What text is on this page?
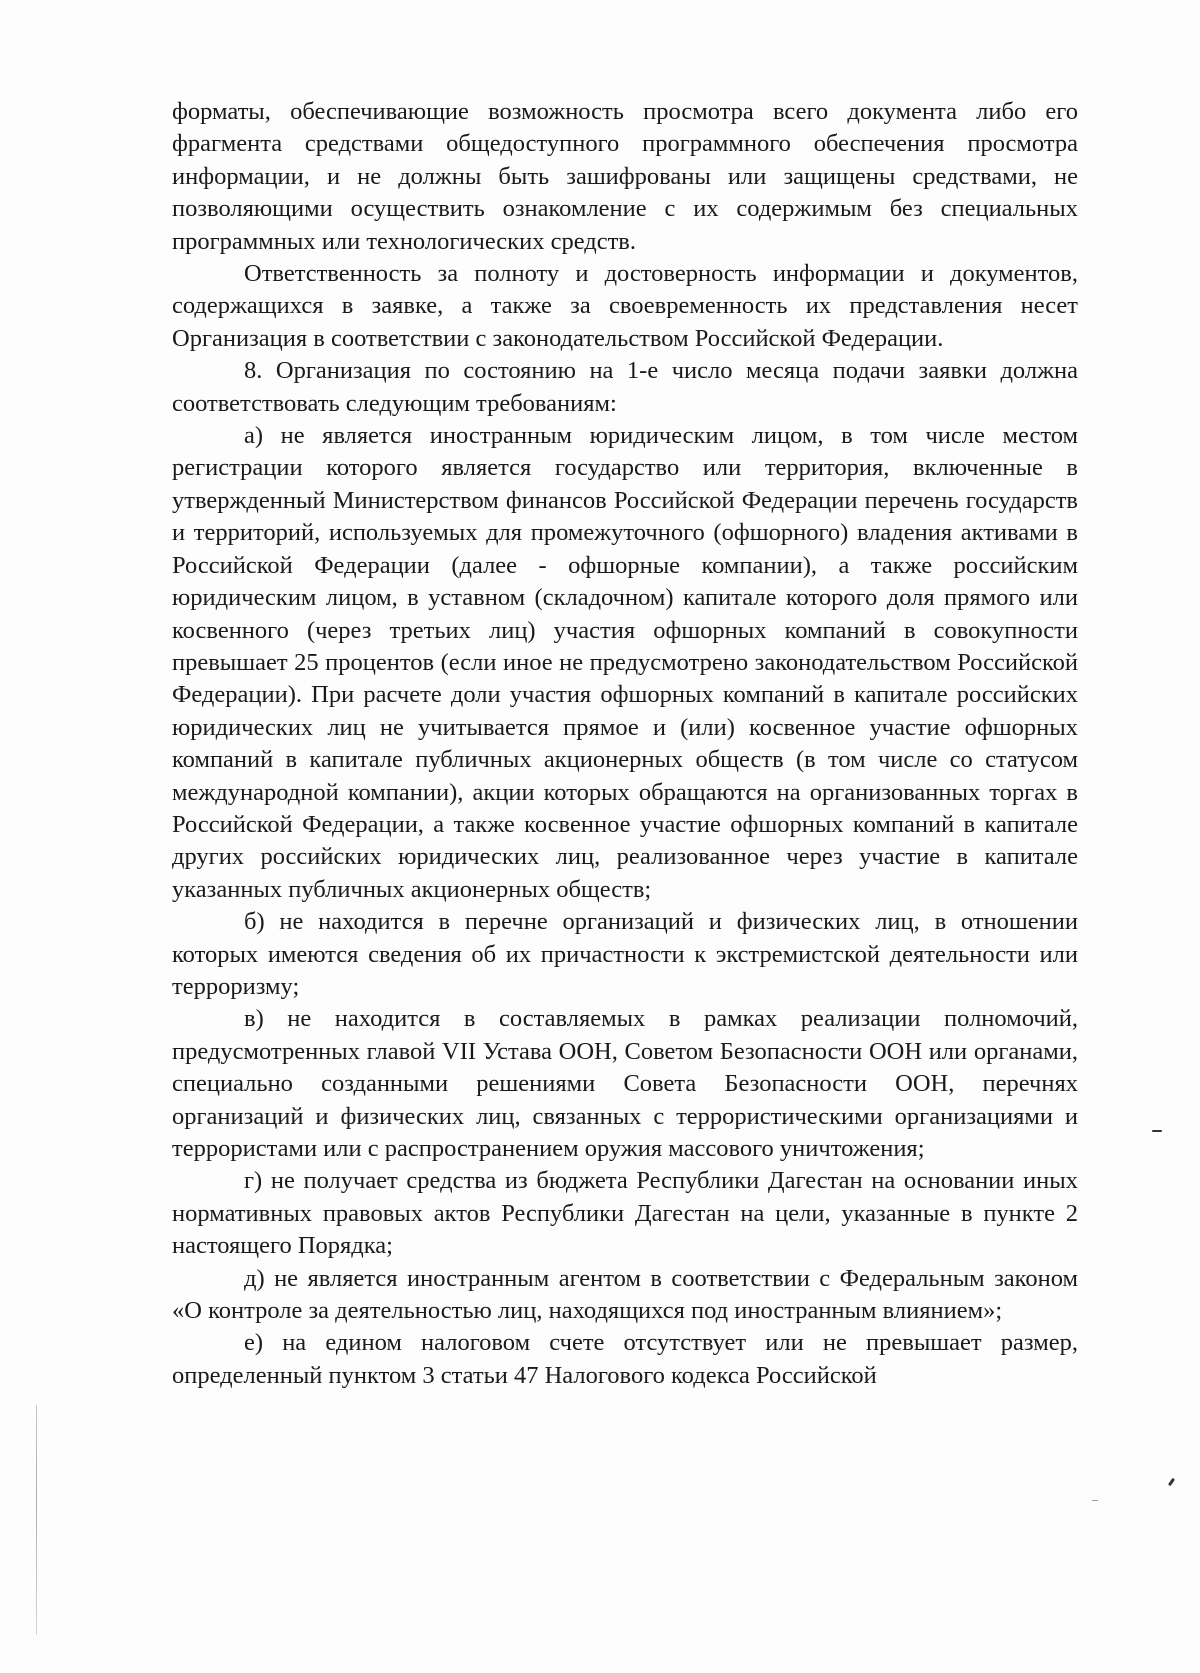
форматы, обеспечивающие возможность просмотра всего документа либо его фрагмента средствами общедоступного программного обеспечения просмотра информации, и не должны быть зашифрованы или защищены средствами, не позволяющими осуществить ознакомление с их содержимым без специальных программных или технологических средств.

Ответственность за полноту и достоверность информации и документов, содержащихся в заявке, а также за своевременность их представления несет Организация в соответствии с законодательством Российской Федерации.

8. Организация по состоянию на 1-е число месяца подачи заявки должна соответствовать следующим требованиям:

а) не является иностранным юридическим лицом, в том числе местом регистрации которого является государство или территория, включенные в утвержденный Министерством финансов Российской Федерации перечень государств и территорий, используемых для промежуточного (офшорного) владения активами в Российской Федерации (далее - офшорные компании), а также российским юридическим лицом, в уставном (складочном) капитале которого доля прямого или косвенного (через третьих лиц) участия офшорных компаний в совокупности превышает 25 процентов (если иное не предусмотрено законодательством Российской Федерации). При расчете доли участия офшорных компаний в капитале российских юридических лиц не учитывается прямое и (или) косвенное участие офшорных компаний в капитале публичных акционерных обществ (в том числе со статусом международной компании), акции которых обращаются на организованных торгах в Российской Федерации, а также косвенное участие офшорных компаний в капитале других российских юридических лиц, реализованное через участие в капитале указанных публичных акционерных обществ;

б) не находится в перечне организаций и физических лиц, в отношении которых имеются сведения об их причастности к экстремистской деятельности или терроризму;

в) не находится в составляемых в рамках реализации полномочий, предусмотренных главой VII Устава ООН, Советом Безопасности ООН или органами, специально созданными решениями Совета Безопасности ООН, перечнях организаций и физических лиц, связанных с террористическими организациями и террористами или с распространением оружия массового уничтожения;

г) не получает средства из бюджета Республики Дагестан на основании иных нормативных правовых актов Республики Дагестан на цели, указанные в пункте 2 настоящего Порядка;

д) не является иностранным агентом в соответствии с Федеральным законом «О контроле за деятельностью лиц, находящихся под иностранным влиянием»;

е) на едином налоговом счете отсутствует или не превышает размер, определенный пунктом 3 статьи 47 Налогового кодекса Российской
